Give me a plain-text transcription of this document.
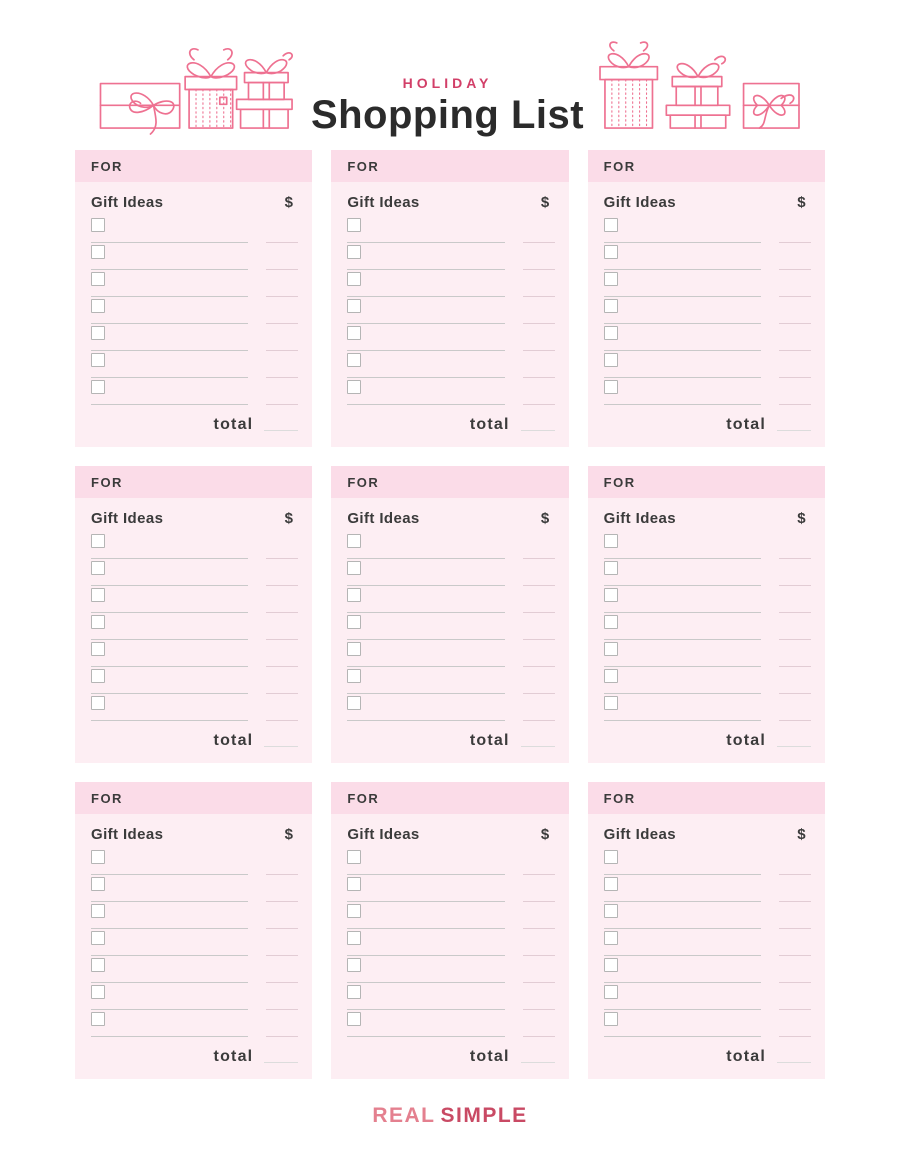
HOLIDAY
Shopping List
FOR
Gift Ideas	$
total
FOR
Gift Ideas	$
total
FOR
Gift Ideas	$
total
FOR
Gift Ideas	$
total
FOR
Gift Ideas	$
total
FOR
Gift Ideas	$
total
FOR
Gift Ideas	$
total
FOR
Gift Ideas	$
total
FOR
Gift Ideas	$
total
REAL SIMPLE
